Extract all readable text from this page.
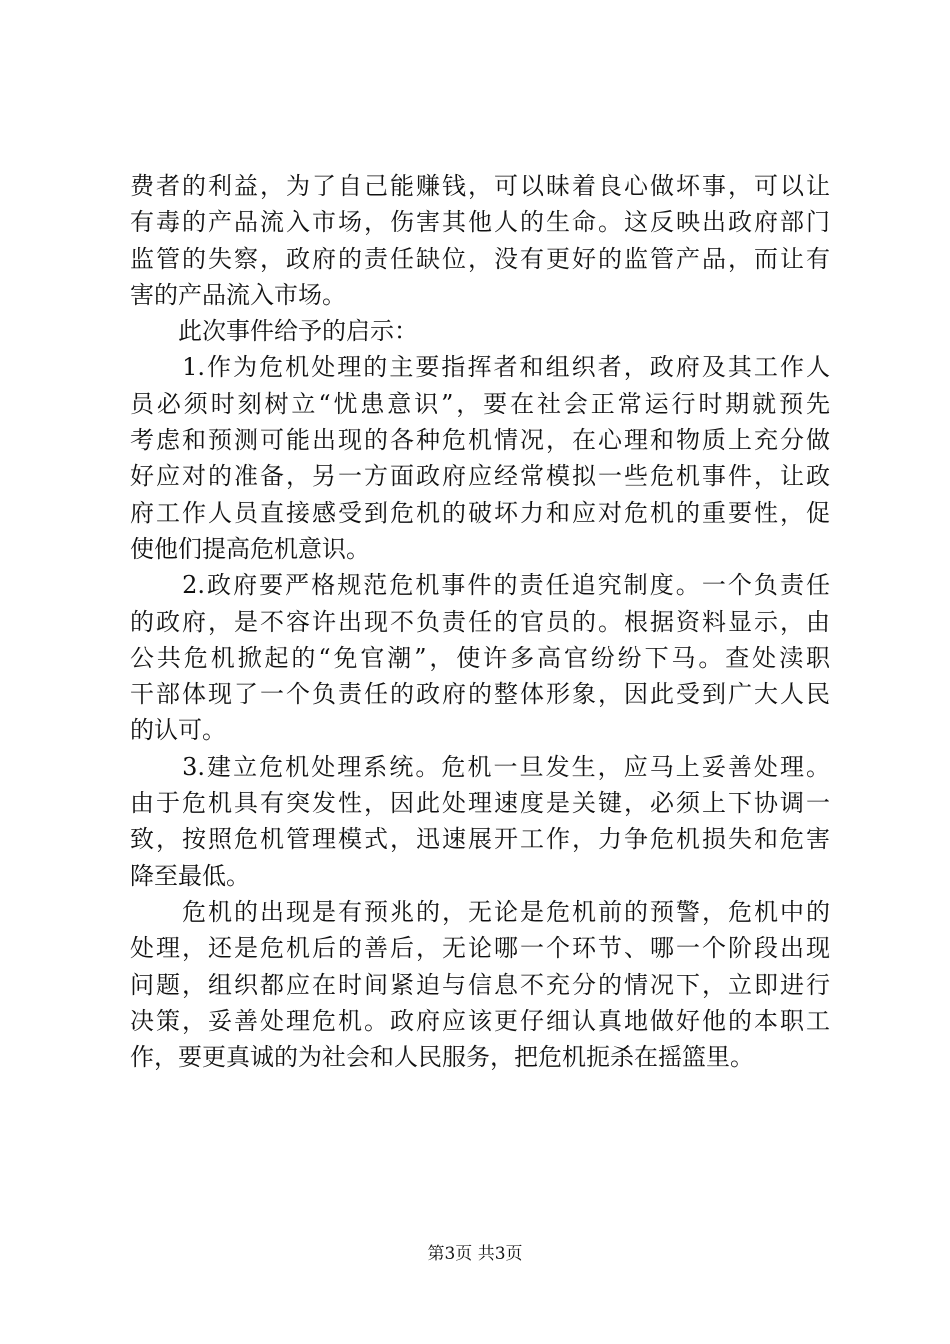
费者的利益，为了自己能赚钱，可以昧着良心做坏事，可以让
有毒的产品流入市场，伤害其他人的生命。这反映出政府部门
监管的失察，政府的责任缺位，没有更好的监管产品，而让有
害的产品流入市场。
　　此次事件给予的启示：
　　1.作为危机处理的主要指挥者和组织者，政府及其工作人
员必须时刻树立“忧患意识”，要在社会正常运行时期就预先
考虑和预测可能出现的各种危机情况，在心理和物质上充分做
好应对的准备，另一方面政府应经常模拟一些危机事件，让政
府工作人员直接感受到危机的破坏力和应对危机的重要性，促
使他们提高危机意识。
　　2.政府要严格规范危机事件的责任追究制度。一个负责任
的政府，是不容许出现不负责任的官员的。根据资料显示，由
公共危机掀起的“免官潮”，使许多高官纷纷下马。查处渎职
干部体现了一个负责任的政府的整体形象，因此受到广大人民
的认可。
　　3.建立危机处理系统。危机一旦发生，应马上妥善处理。
由于危机具有突发性，因此处理速度是关键，必须上下协调一
致，按照危机管理模式，迅速展开工作，力争危机损失和危害
降至最低。
　　危机的出现是有预兆的，无论是危机前的预警，危机中的
处理，还是危机后的善后，无论哪一个环节、哪一个阶段出现
问题，组织都应在时间紧迫与信息不充分的情况下，立即进行
决策，妥善处理危机。政府应该更仔细认真地做好他的本职工
作，要更真诚的为社会和人民服务，把危机扼杀在摇篮里。
第3页 共3页
